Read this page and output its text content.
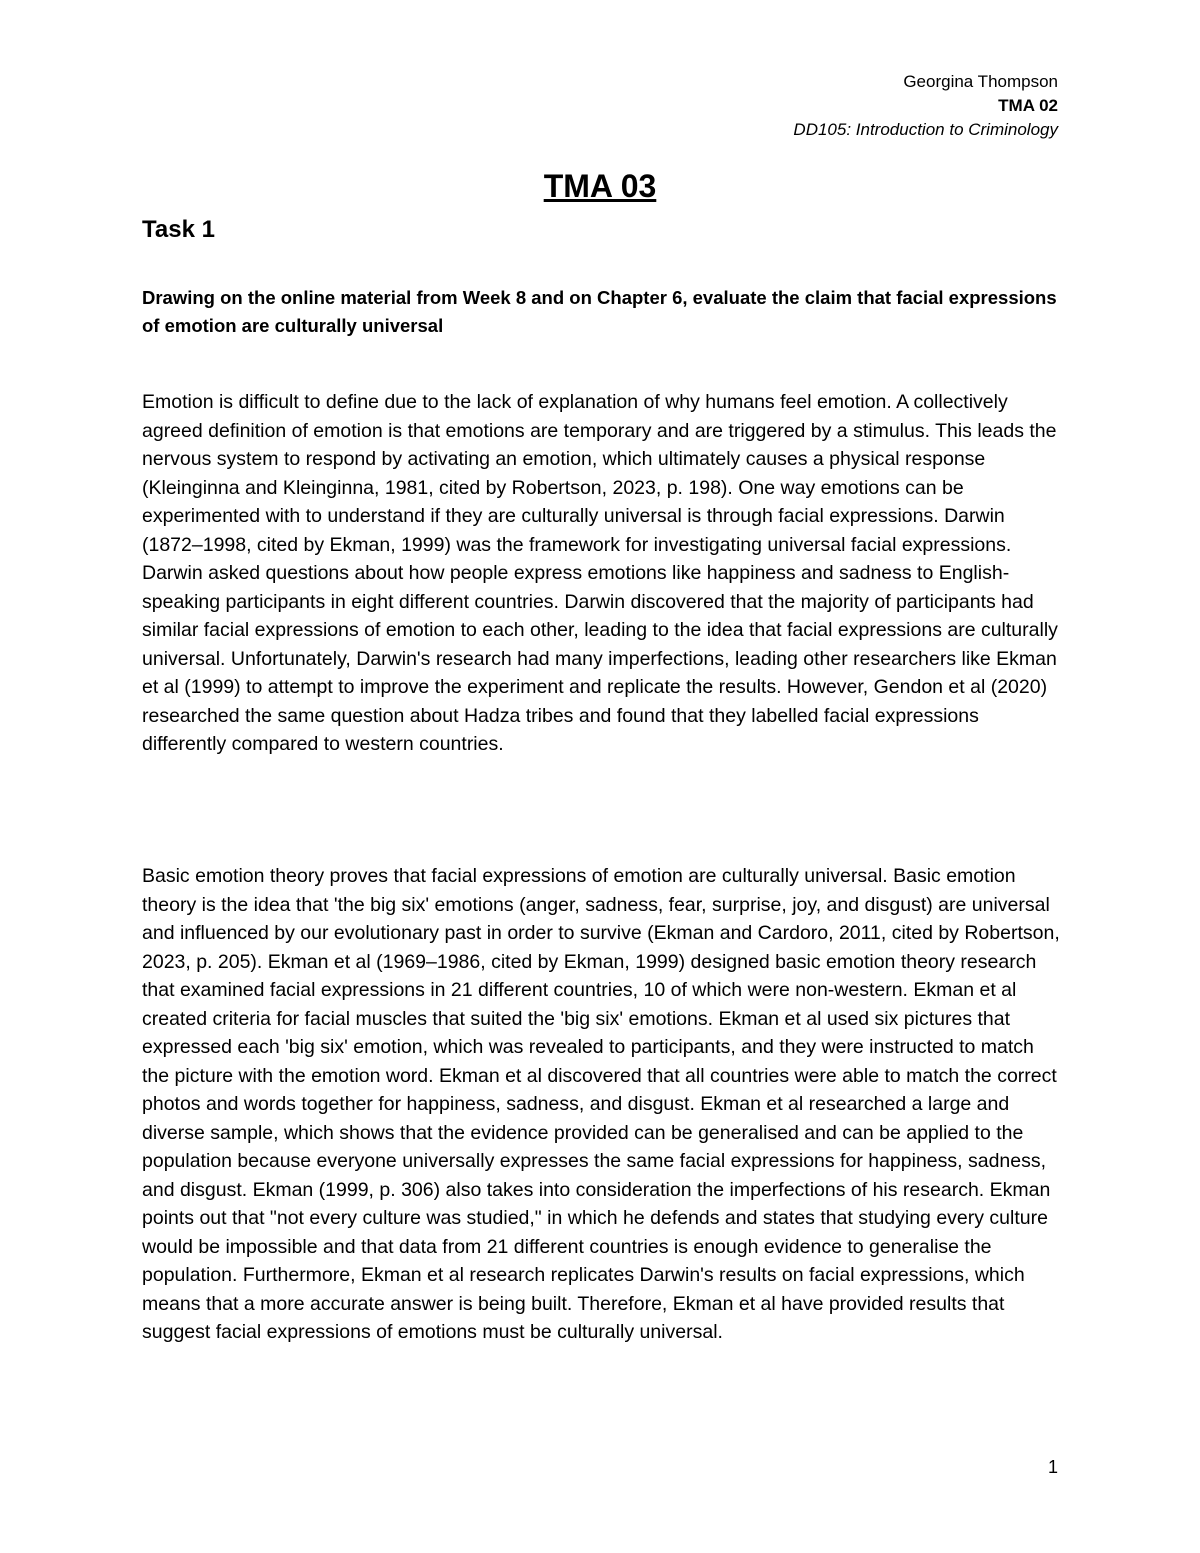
Georgina Thompson
TMA 02
DD105: Introduction to Criminology
TMA 03
Task 1

Drawing on the online material from Week 8 and on Chapter 6, evaluate the claim that facial expressions of emotion are culturally universal

Emotion is difficult to define due to the lack of explanation of why humans feel emotion. A collectively agreed definition of emotion is that emotions are temporary and are triggered by a stimulus. This leads the nervous system to respond by activating an emotion, which ultimately causes a physical response (Kleinginna and Kleinginna, 1981, cited by Robertson, 2023, p. 198). One way emotions can be experimented with to understand if they are culturally universal is through facial expressions. Darwin (1872–1998, cited by Ekman, 1999) was the framework for investigating universal facial expressions. Darwin asked questions about how people express emotions like happiness and sadness to English-speaking participants in eight different countries. Darwin discovered that the majority of participants had similar facial expressions of emotion to each other, leading to the idea that facial expressions are culturally universal. Unfortunately, Darwin's research had many imperfections, leading other researchers like Ekman et al (1999) to attempt to improve the experiment and replicate the results. However, Gendon et al (2020) researched the same question about Hadza tribes and found that they labelled facial expressions differently compared to western countries.

Basic emotion theory proves that facial expressions of emotion are culturally universal. Basic emotion theory is the idea that 'the big six' emotions (anger, sadness, fear, surprise, joy, and disgust) are universal and influenced by our evolutionary past in order to survive (Ekman and Cardoro, 2011, cited by Robertson, 2023, p. 205). Ekman et al (1969–1986, cited by Ekman, 1999) designed basic emotion theory research that examined facial expressions in 21 different countries, 10 of which were non-western. Ekman et al created criteria for facial muscles that suited the 'big six' emotions. Ekman et al used six pictures that expressed each 'big six' emotion, which was revealed to participants, and they were instructed to match the picture with the emotion word. Ekman et al discovered that all countries were able to match the correct photos and words together for happiness, sadness, and disgust. Ekman et al researched a large and diverse sample, which shows that the evidence provided can be generalised and can be applied to the population because everyone universally expresses the same facial expressions for happiness, sadness, and disgust. Ekman (1999, p. 306) also takes into consideration the imperfections of his research. Ekman points out that "not every culture was studied," in which he defends and states that studying every culture would be impossible and that data from 21 different countries is enough evidence to generalise the population. Furthermore, Ekman et al research replicates Darwin's results on facial expressions, which means that a more accurate answer is being built. Therefore, Ekman et al have provided results that suggest facial expressions of emotions must be culturally universal.

1
